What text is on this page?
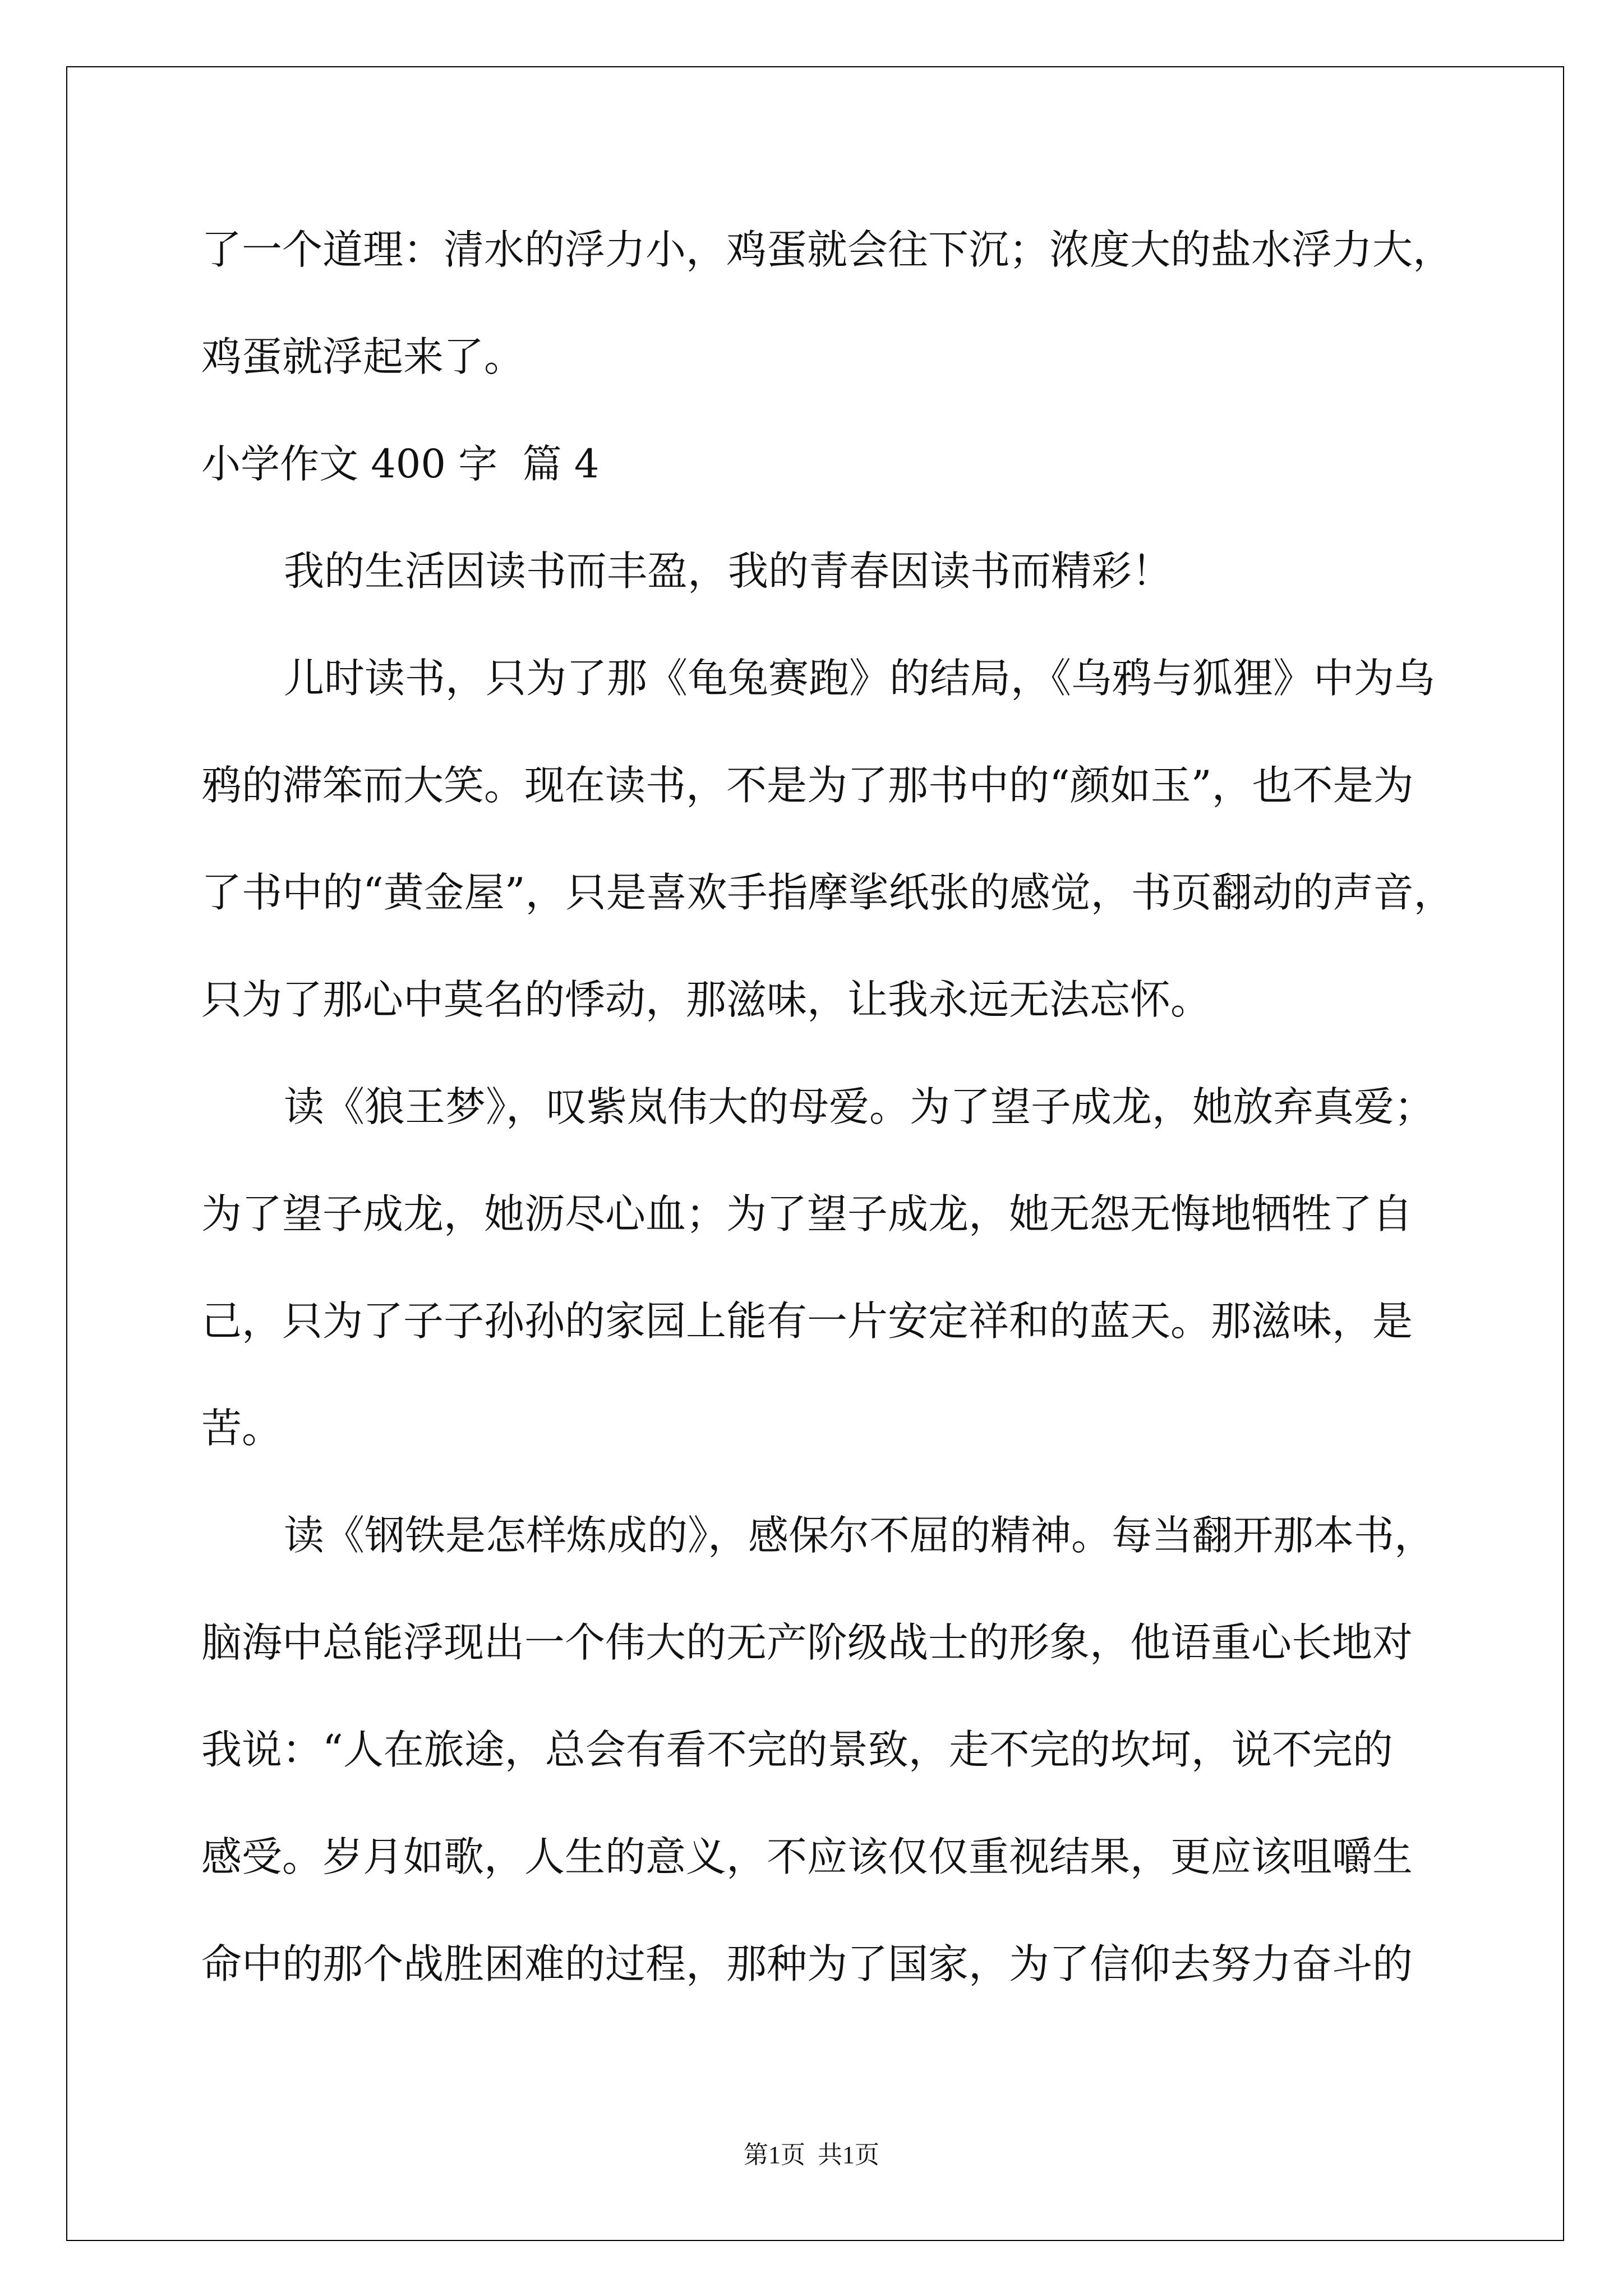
了一个道理：清水的浮力小，鸡蛋就会往下沉；浓度大的盐水浮力大，
鸡蛋就浮起来了。
小学作文 400 字  篇 4
我的生活因读书而丰盈，我的青春因读书而精彩！
儿时读书，只为了那《龟兔赛跑》的结局，《乌鸦与狐狸》中为乌
鸦的滞笨而大笑。现在读书，不是为了那书中的“颜如玉”，也不是为
了书中的“黄金屋”，只是喜欢手指摩挲纸张的感觉，书页翻动的声音，
只为了那心中莫名的悸动，那滋味，让我永远无法忘怀。
读《狼王梦》，叹紫岚伟大的母爱。为了望子成龙，她放弃真爱；
为了望子成龙，她沥尽心血；为了望子成龙，她无怨无悔地牺牲了自
己，只为了子子孙孙的家园上能有一片安定祥和的蓝天。那滋味，是
苦。
读《钢铁是怎样炼成的》，感保尔不屈的精神。每当翻开那本书，
脑海中总能浮现出一个伟大的无产阶级战士的形象，他语重心长地对
我说：“人在旅途，总会有看不完的景致，走不完的坎坷，说不完的
感受。岁月如歌，人生的意义，不应该仅仅重视结果，更应该咀嚼生
命中的那个战胜困难的过程，那种为了国家，为了信仰去努力奋斗的
第1页  共1页
